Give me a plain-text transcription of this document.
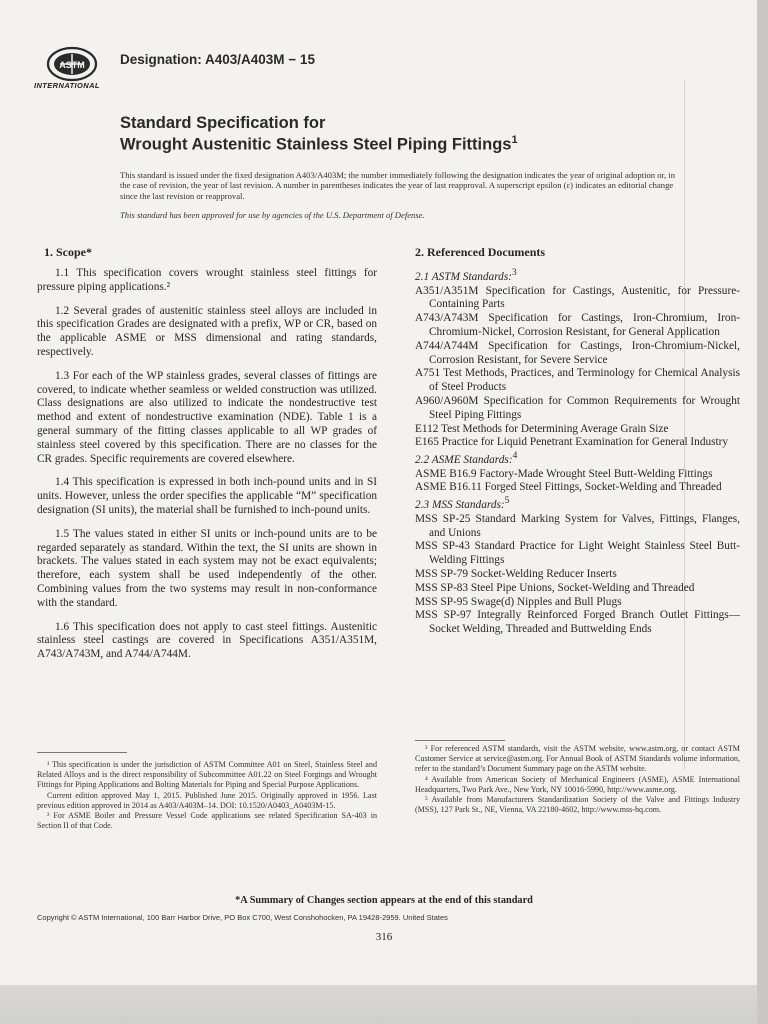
ASTM
INTERNATIONAL
Designation: A403/A403M − 15
Standard Specification for
Wrought Austenitic Stainless Steel Piping Fittings$^1$
This standard is issued under the fixed designation A403/A403M; the number immediately following the designation indicates the year of original adoption or, in the case of revision, the year of last revision. A number in parentheses indicates the year of last reapproval. A superscript epsilon (ε) indicates an editorial change since the last revision or reapproval.
This standard has been approved for use by agencies of the U.S. Department of Defense.
1. Scope*

1.1 This specification covers wrought stainless steel fittings for pressure piping applications.²

1.2 Several grades of austenitic stainless steel alloys are included in this specification Grades are designated with a prefix, WP or CR, based on the applicable ASME or MSS dimensional and rating standards, respectively.

1.3 For each of the WP stainless grades, several classes of fittings are covered, to indicate whether seamless or welded construction was utilized. Class designations are also utilized to indicate the nondestructive test method and extent of nondestructive examination (NDE). Table 1 is a general summary of the fitting classes applicable to all WP grades of stainless steel covered by this specification. There are no classes for the CR grades. Specific requirements are covered elsewhere.

1.4 This specification is expressed in both inch-pound units and in SI units. However, unless the order specifies the applicable “M” specification designation (SI units), the material shall be furnished to inch-pound units.

1.5 The values stated in either SI units or inch-pound units are to be regarded separately as standard. Within the text, the SI units are shown in brackets. The values stated in each system may not be exact equivalents; therefore, each system shall be used independently of the other. Combining values from the two systems may result in non-conformance with the standard.

1.6 This specification does not apply to cast steel fittings. Austenitic stainless steel castings are covered in Specifications A351/A351M, A743/A743M, and A744/A744M.

2. Referenced Documents

2.1 ASTM Standards:$^3$

A351/A351M Specification for Castings, Austenitic, for Pressure-Containing Parts

A743/A743M Specification for Castings, Iron-Chromium, Iron-Chromium-Nickel, Corrosion Resistant, for General Application

A744/A744M Specification for Castings, Iron-Chromium-Nickel, Corrosion Resistant, for Severe Service

A751 Test Methods, Practices, and Terminology for Chemical Analysis of Steel Products

A960/A960M Specification for Common Requirements for Wrought Steel Piping Fittings

E112 Test Methods for Determining Average Grain Size

E165 Practice for Liquid Penetrant Examination for General Industry

2.2 ASME Standards:$^4$

ASME B16.9 Factory-Made Wrought Steel Butt-Welding Fittings

ASME B16.11 Forged Steel Fittings, Socket-Welding and Threaded

2.3 MSS Standards:$^5$

MSS SP-25 Standard Marking System for Valves, Fittings, Flanges, and Unions

MSS SP-43 Standard Practice for Light Weight Stainless Steel Butt-Welding Fittings

MSS SP-79 Socket-Welding Reducer Inserts

MSS SP-83 Steel Pipe Unions, Socket-Welding and Threaded

MSS SP-95 Swage(d) Nipples and Bull Plugs

MSS SP-97 Integrally Reinforced Forged Branch Outlet Fittings—Socket Welding, Threaded and Buttwelding Ends

¹ This specification is under the jurisdiction of ASTM Committee A01 on Steel, Stainless Steel and Related Alloys and is the direct responsibility of Subcommittee A01.22 on Steel Forgings and Wrought Fittings for Piping Applications and Bolting Materials for Piping and Special Purpose Applications.

Current edition approved May 1, 2015. Published June 2015. Originally approved in 1956. Last previous edition approved in 2014 as A403/A403M–14. DOI: 10.1520/A0403_A0403M-15.

² For ASME Boiler and Pressure Vessel Code applications see related Specification SA-403 in Section II of that Code.

³ For referenced ASTM standards, visit the ASTM website, www.astm.org, or contact ASTM Customer Service at service@astm.org. For Annual Book of ASTM Standards volume information, refer to the standard’s Document Summary page on the ASTM website.

⁴ Available from American Society of Mechanical Engineers (ASME), ASME International Headquarters, Two Park Ave., New York, NY 10016-5990, http://www.asme.org.

⁵ Available from Manufacturers Standardization Society of the Valve and Fittings Industry (MSS), 127 Park St., NE, Vienna, VA 22180-4602, http://www.mss-hq.com.

*A Summary of Changes section appears at the end of this standard
Copyright © ASTM International, 100 Barr Harbor Drive, PO Box C700, West Conshohocken, PA 19428-2959. United States
316
